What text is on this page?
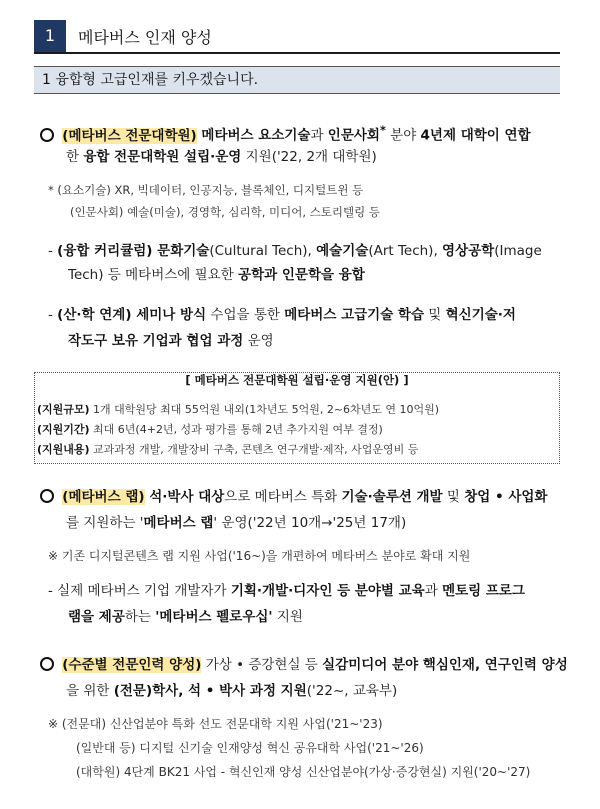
1	메타버스 인재 양성
1 융합형 고급인재를 키우겠습니다.
(메타버스 전문대학원) 메타버스 요소기술과 인문사회* 분야 4년제 대학이 연합
한 융합 전문대학원 설립·운영 지원('22, 2개 대학원)
* (요소기술) XR, 빅데이터, 인공지능, 블록체인, 디지털트윈 등
(인문사회) 예술(미술), 경영학, 심리학, 미디어, 스토리텔링 등
- (융합 커리큘럼) 문화기술(Cultural Tech), 예술기술(Art Tech), 영상공학(Image
Tech) 등 메타버스에 필요한 공학과 인문학을 융합
- (산·학 연계) 세미나 방식 수업을 통한 메타버스 고급기술 학습 및 혁신기술·저
작도구 보유 기업과 협업 과정 운영
[ 메타버스 전문대학원 설립·운영 지원(안) ]
(지원규모) 1개 대학원당 최대 55억원 내외(1차년도 5억원, 2~6차년도 연 10억원)
(지원기간) 최대 6년(4+2년, 성과 평가를 통해 2년 추가지원 여부 결정)
(지원내용) 교과과정 개발, 개발장비 구축, 콘텐츠 연구개발·제작, 사업운영비 등
(메타버스 랩) 석·박사 대상으로 메타버스 특화 기술·솔루션 개발 및 창업 • 사업화
를 지원하는 '메타버스 랩' 운영('22년 10개→'25년 17개)
※ 기존 디지털콘텐츠 랩 지원 사업('16~)을 개편하여 메타버스 분야로 확대 지원
- 실제 메타버스 기업 개발자가 기획·개발·디자인 등 분야별 교육과 멘토링 프로그
램을 제공하는 '메타버스 펠로우십' 지원
(수준별 전문인력 양성) 가상 • 증강현실 등 실감미디어 분야 핵심인재, 연구인력 양성
을 위한 (전문)학사, 석 • 박사 과정 지원('22~, 교육부)
※ (전문대) 신산업분야 특화 선도 전문대학 지원 사업('21~'23)
(일반대 등) 디지털 신기술 인재양성 혁신 공유대학 사업('21~'26)
(대학원) 4단계 BK21 사업 - 혁신인재 양성 신산업분야(가상·증강현실) 지원('20~'27)
